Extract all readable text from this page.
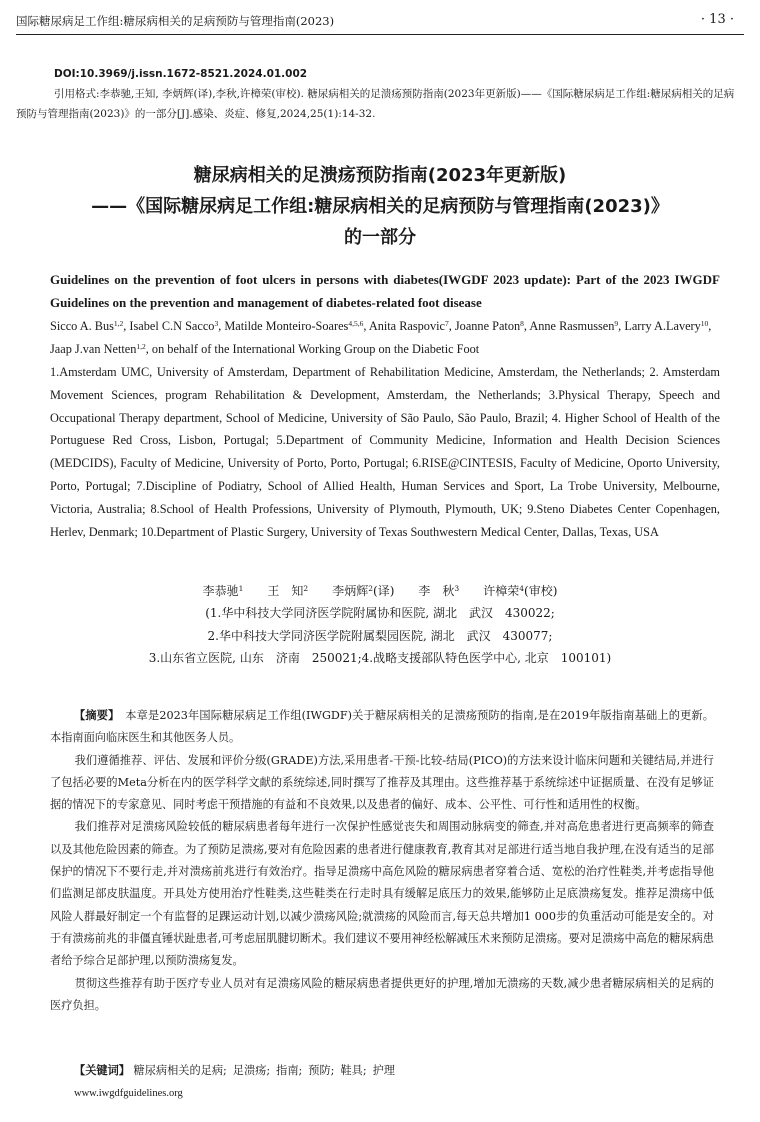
国际糖尿病足工作组:糖尿病相关的足病预防与管理指南(2023)	· 13 ·
DOI:10.3969/j.issn.1672-8521.2024.01.002
引用格式:李恭驰,王知, 李炳辉(译),李秋,许樟荣(审校). 糖尿病相关的足溃疡预防指南(2023年更新版)——《国际糖尿病足工作组:糖尿病相关的足病预防与管理指南(2023)》的一部分[J].感染、炎症、修复,2024,25(1):14-32.
糖尿病相关的足溃疡预防指南(2023年更新版)
——《国际糖尿病足工作组:糖尿病相关的足病预防与管理指南(2023)》
的一部分
Guidelines on the prevention of foot ulcers in persons with diabetes(IWGDF 2023 update): Part of the 2023 IWGDF Guidelines on the prevention and management of diabetes-related foot disease
Sicco A. Bus$^{1,2}$, Isabel C.N Sacco$^3$, Matilde Monteiro-Soares$^{4,5,6}$, Anita Raspovic$^7$, Joanne Paton$^8$, Anne Rasmussen$^9$, Larry A.Lavery$^{10}$, Jaap J.van Netten$^{1,2}$, on behalf of the International Working Group on the Diabetic Foot
1.Amsterdam UMC, University of Amsterdam, Department of Rehabilitation Medicine, Amsterdam, the Netherlands; 2. Amsterdam Movement Sciences, program Rehabilitation & Development, Amsterdam, the Netherlands; 3.Physical Therapy, Speech and Occupational Therapy department, School of Medicine, University of São Paulo, São Paulo, Brazil; 4. Higher School of Health of the Portuguese Red Cross, Lisbon, Portugal; 5.Department of Community Medicine, Information and Health Decision Sciences (MEDCIDS), Faculty of Medicine, University of Porto, Porto, Portugal; 6.RISE@CINTESIS, Faculty of Medicine, Oporto University, Porto, Portugal; 7.Discipline of Podiatry, School of Allied Health, Human Services and Sport, La Trobe University, Melbourne, Victoria, Australia; 8.School of Health Professions, University of Plymouth, Plymouth, UK; 9.Steno Diabetes Center Copenhagen, Herlev, Denmark; 10.Department of Plastic Surgery, University of Texas Southwestern Medical Center, Dallas, Texas, USA
李恭驰$^1$　　 王　知$^2$　　 李炳辉$^2$(译)　　 李　秋$^3$　　 许樟荣$^4$(审校)
(1.华中科技大学同济医学院附属协和医院, 湖北　武汉　430022;
2.华中科技大学同济医学院附属梨园医院, 湖北　武汉　430077;
3.山东省立医院, 山东　济南　250021;4.战略支援部队特色医学中心, 北京　100101)

【摘要】　 本章是2023年国际糖尿病足工作组(IWGDF)关于糖尿病相关的足溃疡预防的指南,是在2019年版指南基础上的更新。本指南面向临床医生和其他医务人员。

我们遵循推荐、评估、发展和评价分级(GRADE)方法,采用患者-干预-比较-结局(PICO)的方法来设计临床问题和关键结局,并进行了包括必要的Meta分析在内的医学科学文献的系统综述,同时撰写了推荐及其理由。这些推荐基于系统综述中证据质量、在没有足够证据的情况下的专家意见、同时考虑干预措施的有益和不良效果,以及患者的偏好、成本、公平性、可行性和适用性的权衡。

我们推荐对足溃疡风险较低的糖尿病患者每年进行一次保护性感觉丧失和周围动脉病变的筛查,并对高危患者进行更高频率的筛查以及其他危险因素的筛查。为了预防足溃疡,要对有危险因素的患者进行健康教育,教育其对足部进行适当地自我护理,在没有适当的足部保护的情况下不要行走,并对溃疡前兆进行有效治疗。指导足溃疡中高危风险的糖尿病患者穿着合适、宽松的治疗性鞋类,并考虑指导他们监测足部皮肤温度。开具处方使用治疗性鞋类,这些鞋类在行走时具有缓解足底压力的效果,能够防止足底溃疡复发。推荐足溃疡中低风险人群最好制定一个有监督的足踝运动计划,以减少溃疡风险;就溃疡的风险而言,每天总共增加1 000步的负重活动可能是安全的。对于有溃疡前兆的非僵直锤状趾患者,可考虑屈肌腱切断术。我们建议不要用神经松解减压术来预防足溃疡。要对足溃疡中高危的糖尿病患者给予综合足部护理,以预防溃疡复发。

贯彻这些推荐有助于医疗专业人员对有足溃疡风险的糖尿病患者提供更好的护理,增加无溃疡的天数,减少患者糖尿病相关的足病的医疗负担。

【关键词】 糖尿病相关的足病; 足溃疡; 指南; 预防; 鞋具; 护理
www.iwgdfguidelines.org
